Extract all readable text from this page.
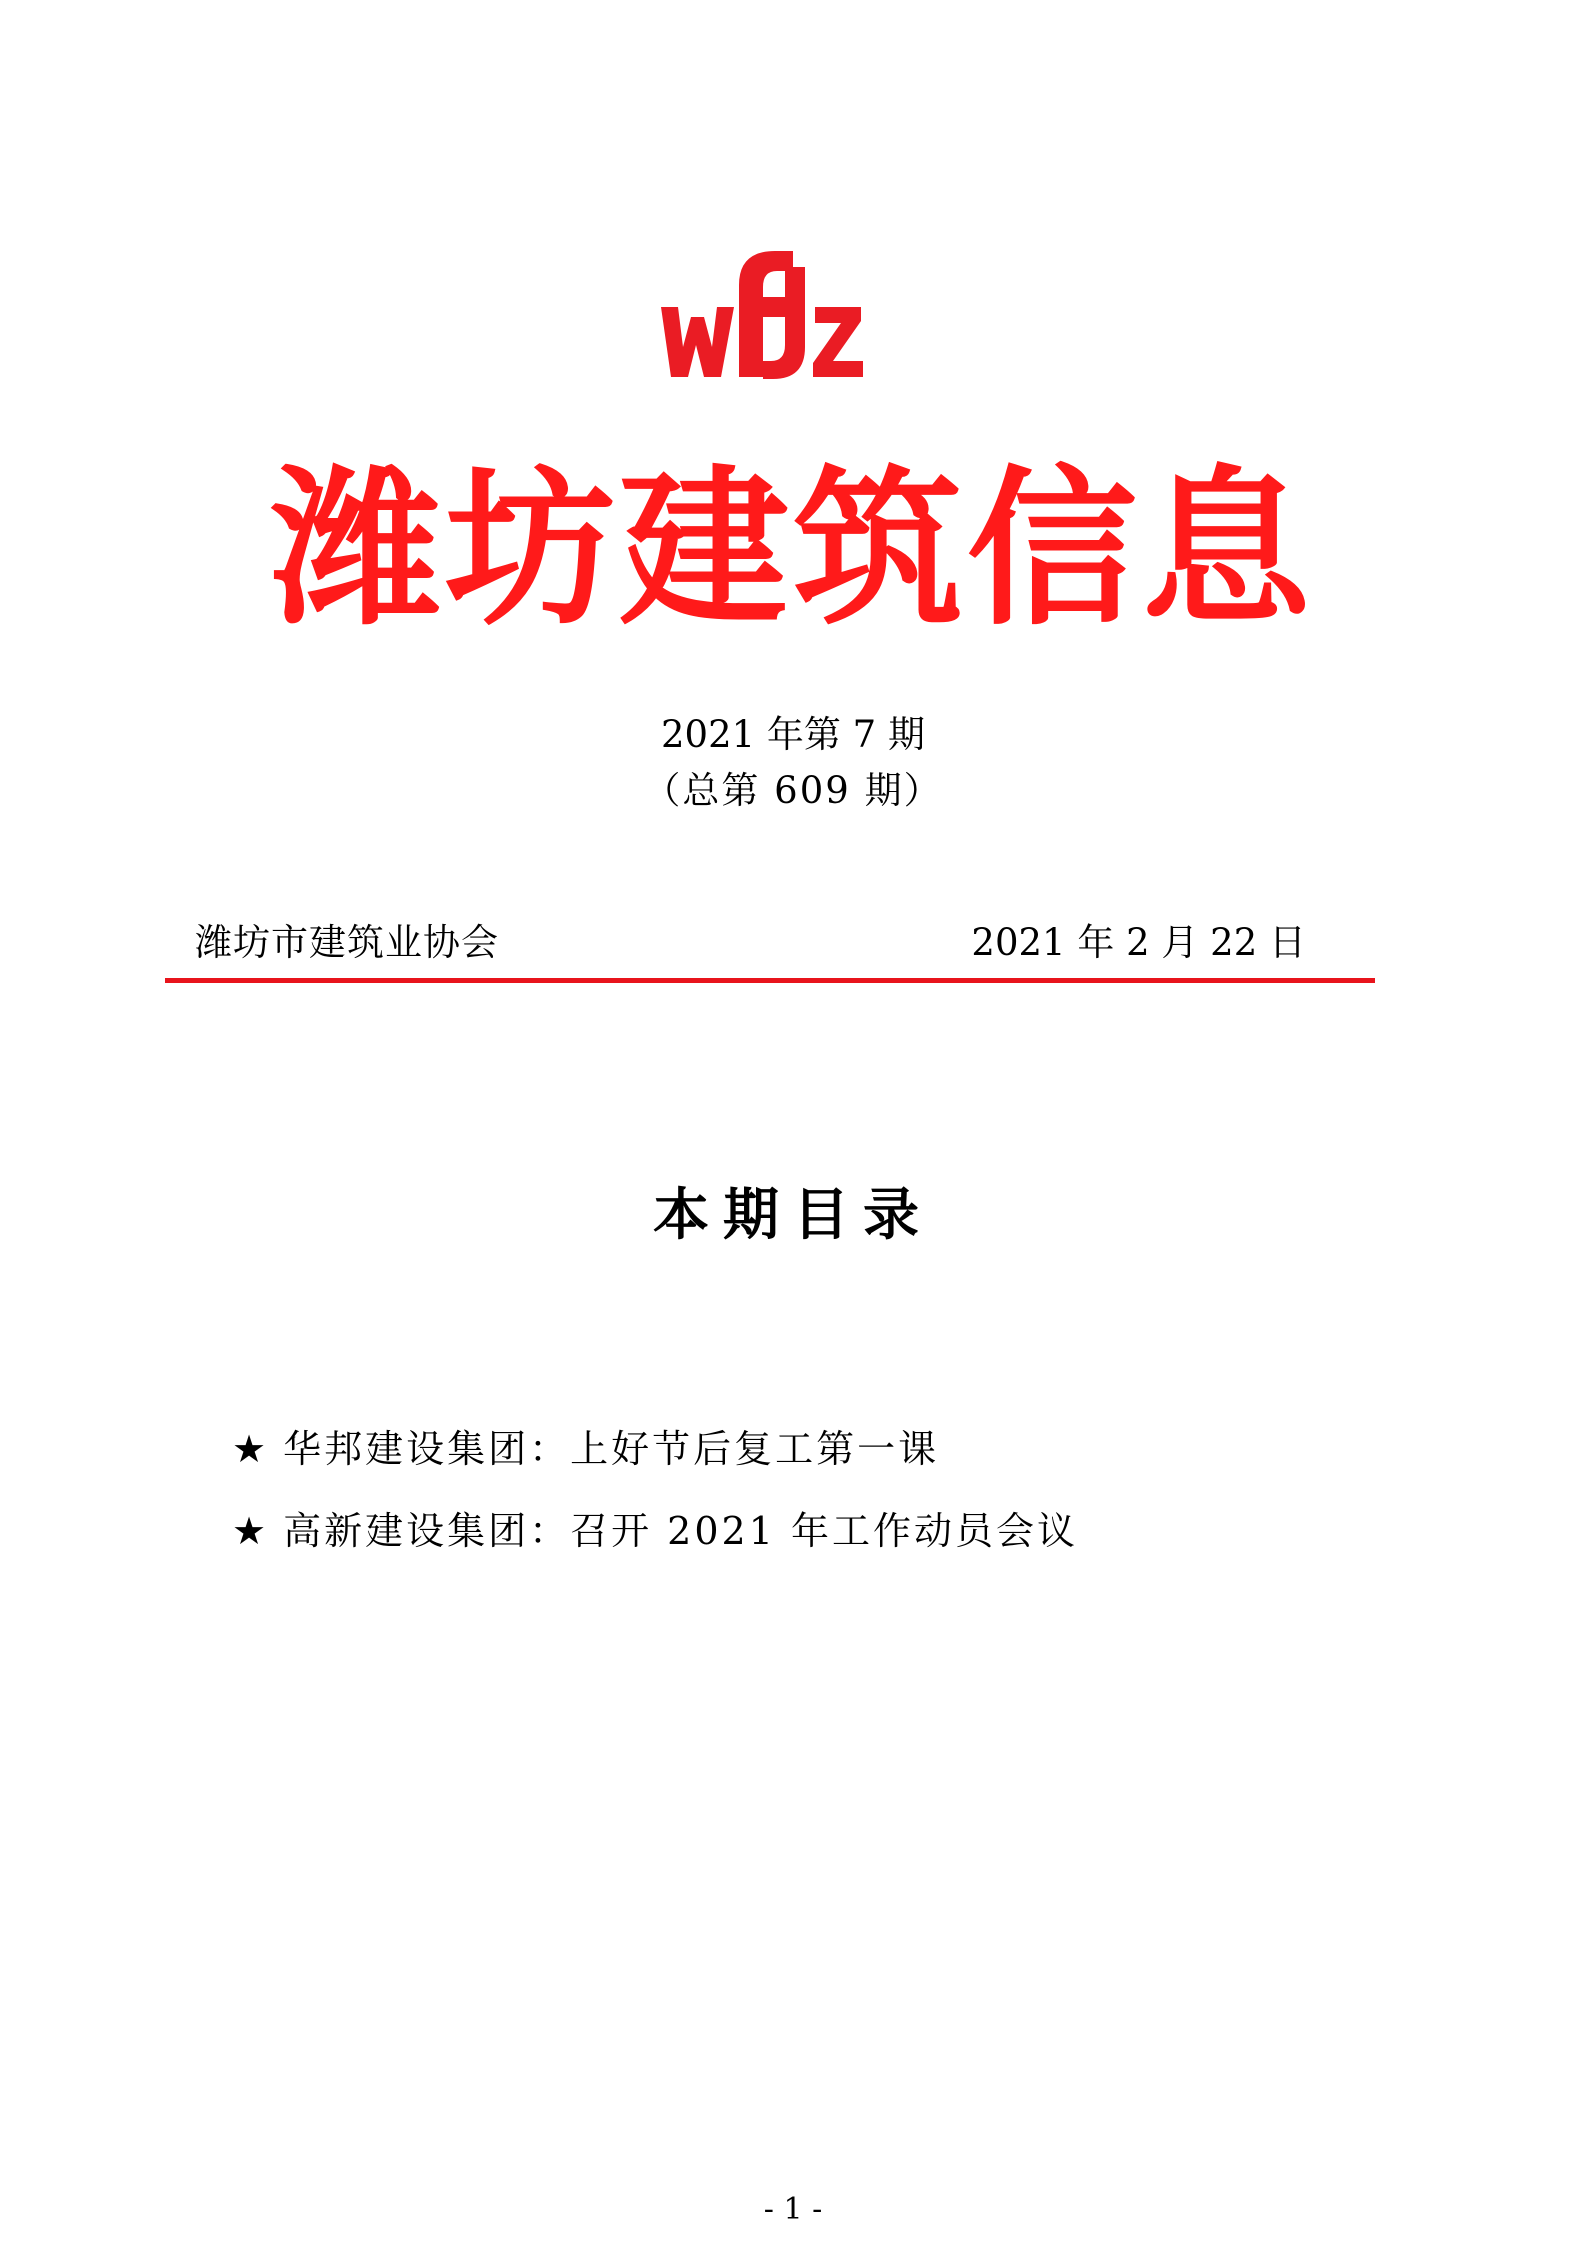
潍坊建筑信息
2021 年第 7 期
（总第 609 期）
潍坊市建筑业协会	2021 年 2 月 22 日
本期目录
★ 华邦建设集团：上好节后复工第一课
★ 高新建设集团：召开 2021 年工作动员会议
- 1 -
